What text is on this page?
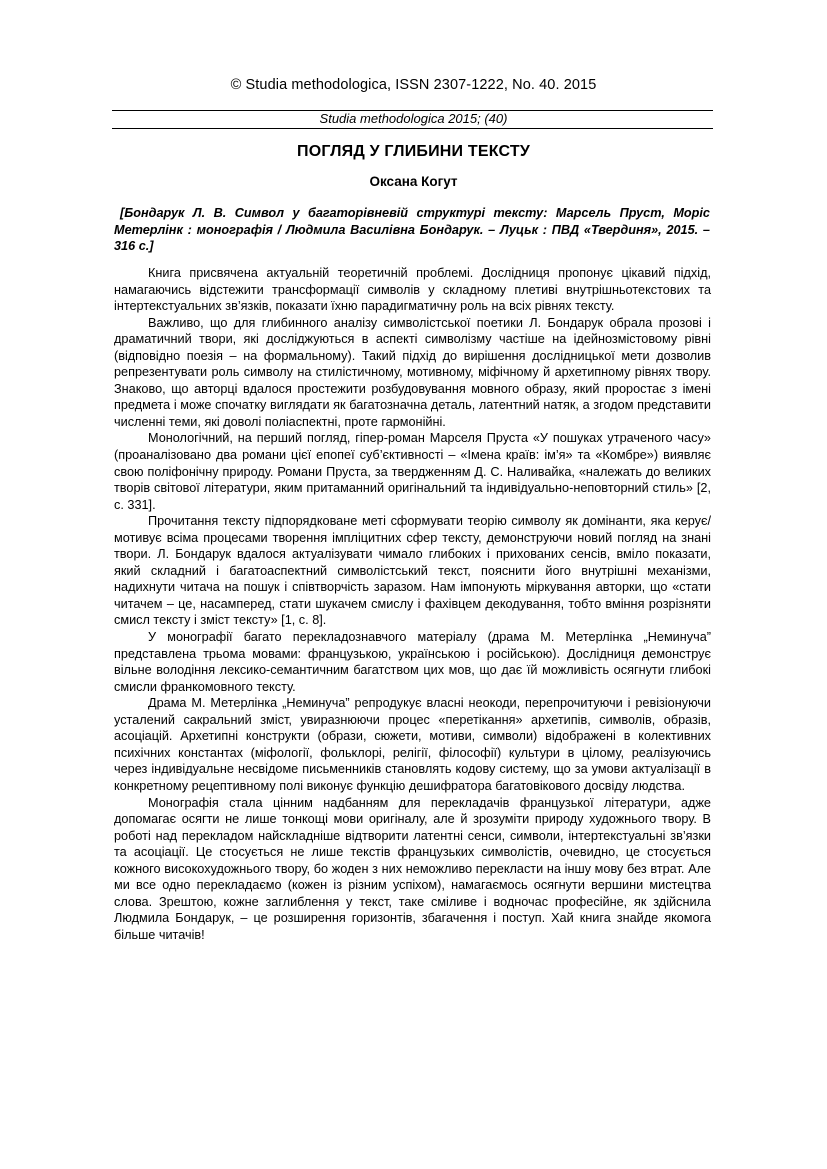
© Studia methodologica, ISSN 2307-1222, No. 40. 2015
Studia methodologica 2015; (40)
ПОГЛЯД У ГЛИБИНИ ТЕКСТУ
Оксана Когут
[Бондарук Л. В. Символ у багаторівневій структурі тексту: Марсель Пруст, Моріс Метерлінк : монографія / Людмила Василівна Бондарук. – Луцьк : ПВД «Твердиня», 2015. – 316 с.]

Книга присвячена актуальній теоретичній проблемі. Дослідниця пропонує цікавий підхід, намагаючись відстежити трансформації символів у складному плетиві внутрішньотекстових та інтертекстуальних зв’язків, показати їхню парадигматичну роль на всіх рівнях тексту.

Важливо, що для глибинного аналізу символістської поетики Л. Бондарук обрала прозові і драматичний твори, які досліджуються в аспекті символізму частіше на ідейнозмістовому рівні (відповідно поезія – на формальному). Такий підхід до вирішення дослідницької мети дозволив репрезентувати роль символу на стилістичному, мотивному, міфічному й архетипному рівнях твору. Знаково, що авторці вдалося простежити розбудовування мовного образу, який проростає з імені предмета і може спочатку виглядати як багатозначна деталь, латентний натяк, а згодом представити численні теми, які доволі поліаспектні, проте гармонійні.

Монологічний, на перший погляд, гіпер-роман Марселя Пруста «У пошуках утраченого часу» (проаналізовано два романи цієї епопеї суб’єктивності – «Імена країв: ім’я» та «Комбре») виявляє свою поліфонічну природу. Романи Пруста, за твердженням Д. С. Наливайка, «належать до великих творів світової літератури, яким притаманний оригінальний та індивідуально-неповторний стиль» [2, с. 331].

Прочитання тексту підпорядковане меті сформувати теорію символу як домінанти, яка керує/мотивує всіма процесами творення імпліцитних сфер тексту, демонструючи новий погляд на знані твори. Л. Бондарук вдалося актуалізувати чимало глибоких і прихованих сенсів, вміло показати, який складний і багатоаспектний символістський текст, пояснити його внутрішні механізми, надихнути читача на пошук і співтворчість заразом. Нам імпонують міркування авторки, що «стати читачем – це, насамперед, стати шукачем смислу і фахівцем декодування, тобто вміння розрізняти смисл тексту і зміст тексту» [1, с. 8].

У монографії багато перекладознавчого матеріалу (драма М. Метерлінка „Неминуча” представлена трьома мовами: французькою, українською і російською). Дослідниця демонструє вільне володіння лексико-семантичним багатством цих мов, що дає їй можливість осягнути глибокі смисли франкомовного тексту.

Драма М. Метерлінка „Неминуча” репродукує власні неокоди, перепрочитуючи і ревізіонуючи усталений сакральний зміст, увиразнюючи процес «перетікання» архетипів, символів, образів, асоціацій. Архетипні конструкти (образи, сюжети, мотиви, символи) відображені в колективних психічних константах (міфології, фольклорі, релігії, філософії) культури в цілому, реалізуючись через індивідуальне несвідоме письменників становлять кодову систему, що за умови актуалізації в конкретному рецептивному полі виконує функцію дешифратора багатовікового досвіду людства.

Монографія стала цінним надбанням для перекладачів французької літератури, адже допомагає осягти не лише тонкощі мови оригіналу, але й зрозуміти природу художнього твору. В роботі над перекладом найскладніше відтворити латентні сенси, символи, інтертекстуальні зв’язки та асоціації. Це стосується не лише текстів французьких символістів, очевидно, це стосується кожного високохудожнього твору, бо жоден з них неможливо перекласти на іншу мову без втрат. Але ми все одно перекладаємо (кожен із різним успіхом), намагаємось осягнути вершини мистецтва слова. Зрештою, кожне заглиблення у текст, таке сміливе і водночас професійне, як здійснила Людмила Бондарук, – це розширення горизонтів, збагачення і поступ. Хай книга знайде якомога більше читачів!
